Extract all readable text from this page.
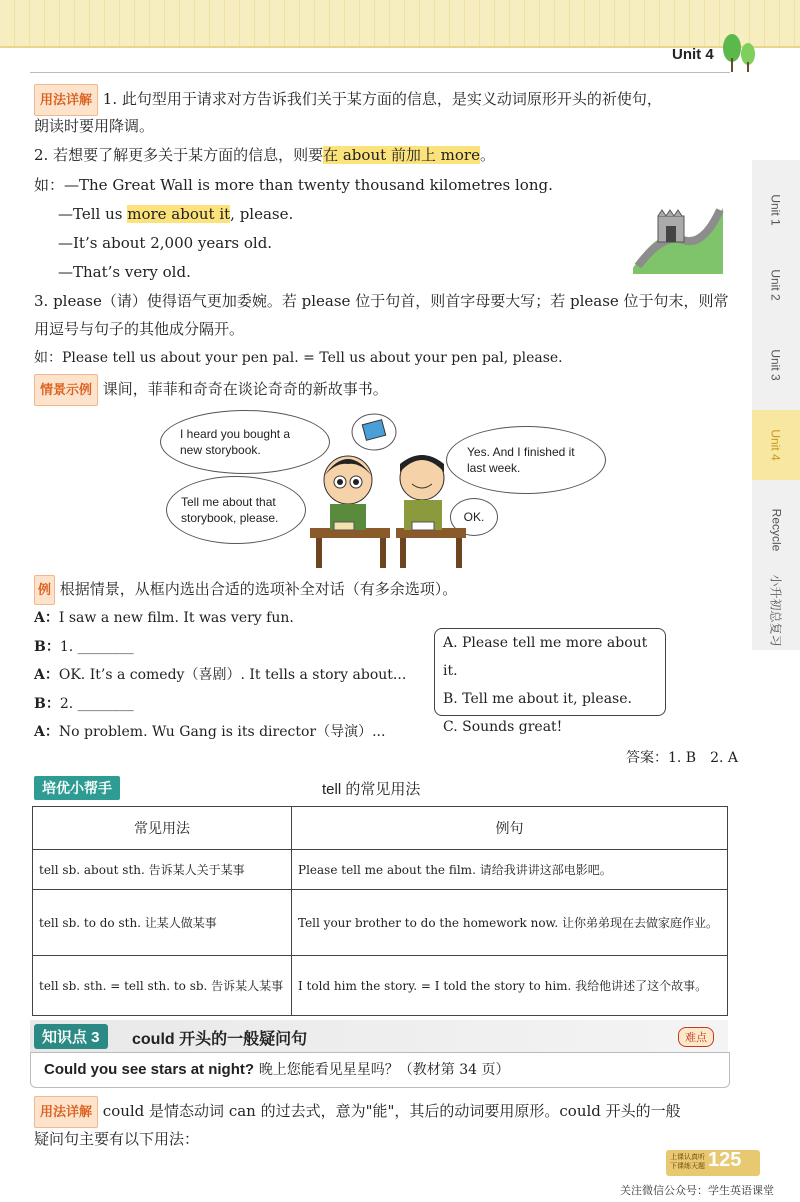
Unit 4
Unit 1
Unit 2
Unit 3
Unit 4
Recycle
小升初总复习
用法详解 1. 此句型用于请求对方告诉我们关于某方面的信息，是实义动词原形开头的祈使句，
朗读时要用降调。
2. 若想要了解更多关于某方面的信息，则要在 about 前加上 more。
如：—The Great Wall is more than twenty thousand kilometres long.
—Tell us more about it, please.
—It’s about 2,000 years old.
—That’s very old.
3. please（请）使得语气更加委婉。若 please 位于句首，则首字母要大写；若 please 位于句末，则常
用逗号与句子的其他成分隔开。
如：Please tell us about your pen pal. = Tell us about your pen pal, please.
情景示例 课间，菲菲和奇奇在谈论奇奇的新故事书。
I heard you bought a new storybook.
Tell me about that storybook, please.
Yes. And I finished it last week.
OK.
例 根据情景，从框内选出合适的选项补全对话（有多余选项）。
A：I saw a new film. It was very fun.
B：1. ________
A：OK. It’s a comedy（喜剧）. It tells a story about...
B：2. ________
A：No problem. Wu Gang is its director（导演）...
A. Please tell me more about it.
B. Tell me about it, please.
C. Sounds great!
答案：1. B　2. A
培优小帮手	tell 的常见用法
常见用法	例句
tell sb. about sth. 告诉某人关于某事	Please tell me about the film. 请给我讲讲这部电影吧。
tell sb. to do sth. 让某人做某事	Tell your brother to do the homework now. 让你弟弟现在去做家庭作业。
tell sb. sth. = tell sth. to sb. 告诉某人某事	I told him the story. = I told the story to him. 我给他讲述了这个故事。
知识点 3	could 开头的一般疑问句	难点
Could you see stars at night? 晚上您能看见星星吗？（教材第 34 页）
用法详解 could 是情态动词 can 的过去式，意为"能"，其后的动词要用原形。could 开头的一般
疑问句主要有以下用法：
上课认真听
下课练天题 125
关注微信公众号：学生英语课堂
